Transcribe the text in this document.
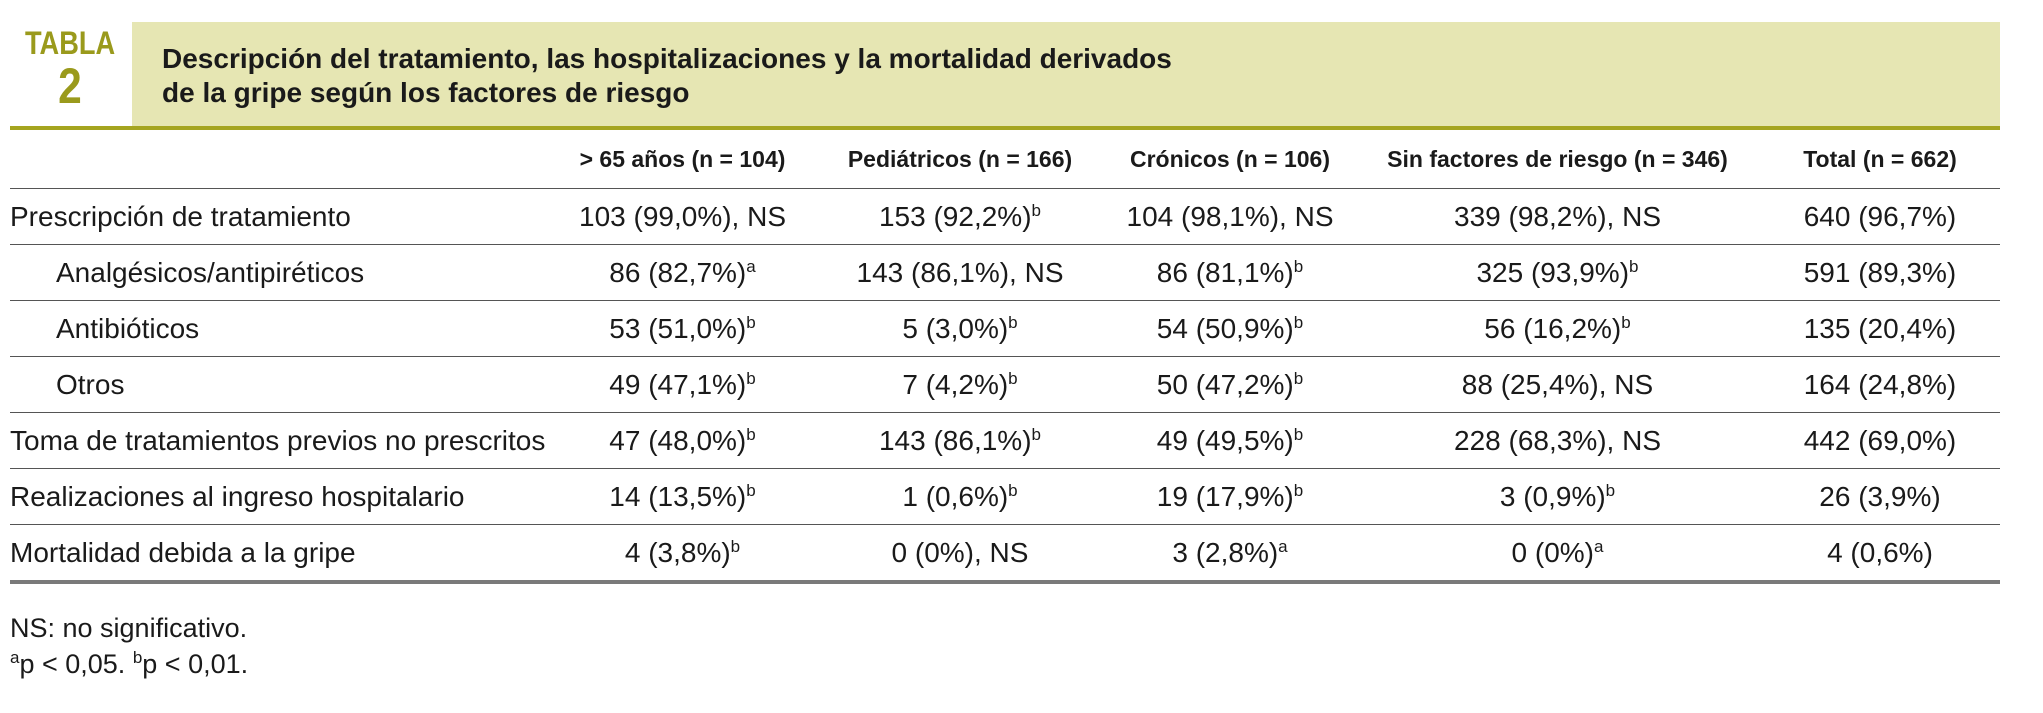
TABLA
2	Descripción del tratamiento, las hospitalizaciones y la mortalidad derivados
de la gripe según los factores de riesgo
	> 65 años (n = 104)	Pediátricos (n = 166)	Crónicos (n = 106)	Sin factores de riesgo (n = 346)	Total (n = 662)
Prescripción de tratamiento	103 (99,0%), NS	153 $(92,2\%)^b$	104 (98,1%), NS	339 (98,2%), NS	640 (96,7%)
Analgésicos/antipiréticos	86 $(82,7\%)^a$	143 (86,1%), NS	86 $(81,1\%)^b$	325 $(93,9\%)^b$	591 (89,3%)
Antibióticos	53 $(51,0\%)^b$	5 $(3,0\%)^b$	54 $(50,9\%)^b$	56 $(16,2\%)^b$	135 (20,4%)
Otros	49 $(47,1\%)^b$	7 $(4,2\%)^b$	50 $(47,2\%)^b$	88 (25,4%), NS	164 (24,8%)
Toma de tratamientos previos no prescritos	47 $(48,0\%)^b$	143 $(86,1\%)^b$	49 $(49,5\%)^b$	228 (68,3%), NS	442 (69,0%)
Realizaciones al ingreso hospitalario	14 $(13,5\%)^b$	1 $(0,6\%)^b$	19 $(17,9\%)^b$	3 $(0,9\%)^b$	26 (3,9%)
Mortalidad debida a la gripe	4 $(3,8\%)^b$	0 (0%), NS	3 $(2,8\%)^a$	0 $(0\%)^a$	4 (0,6%)
NS: no significativo.
$^a$p < 0,05. $^b$p < 0,01.
